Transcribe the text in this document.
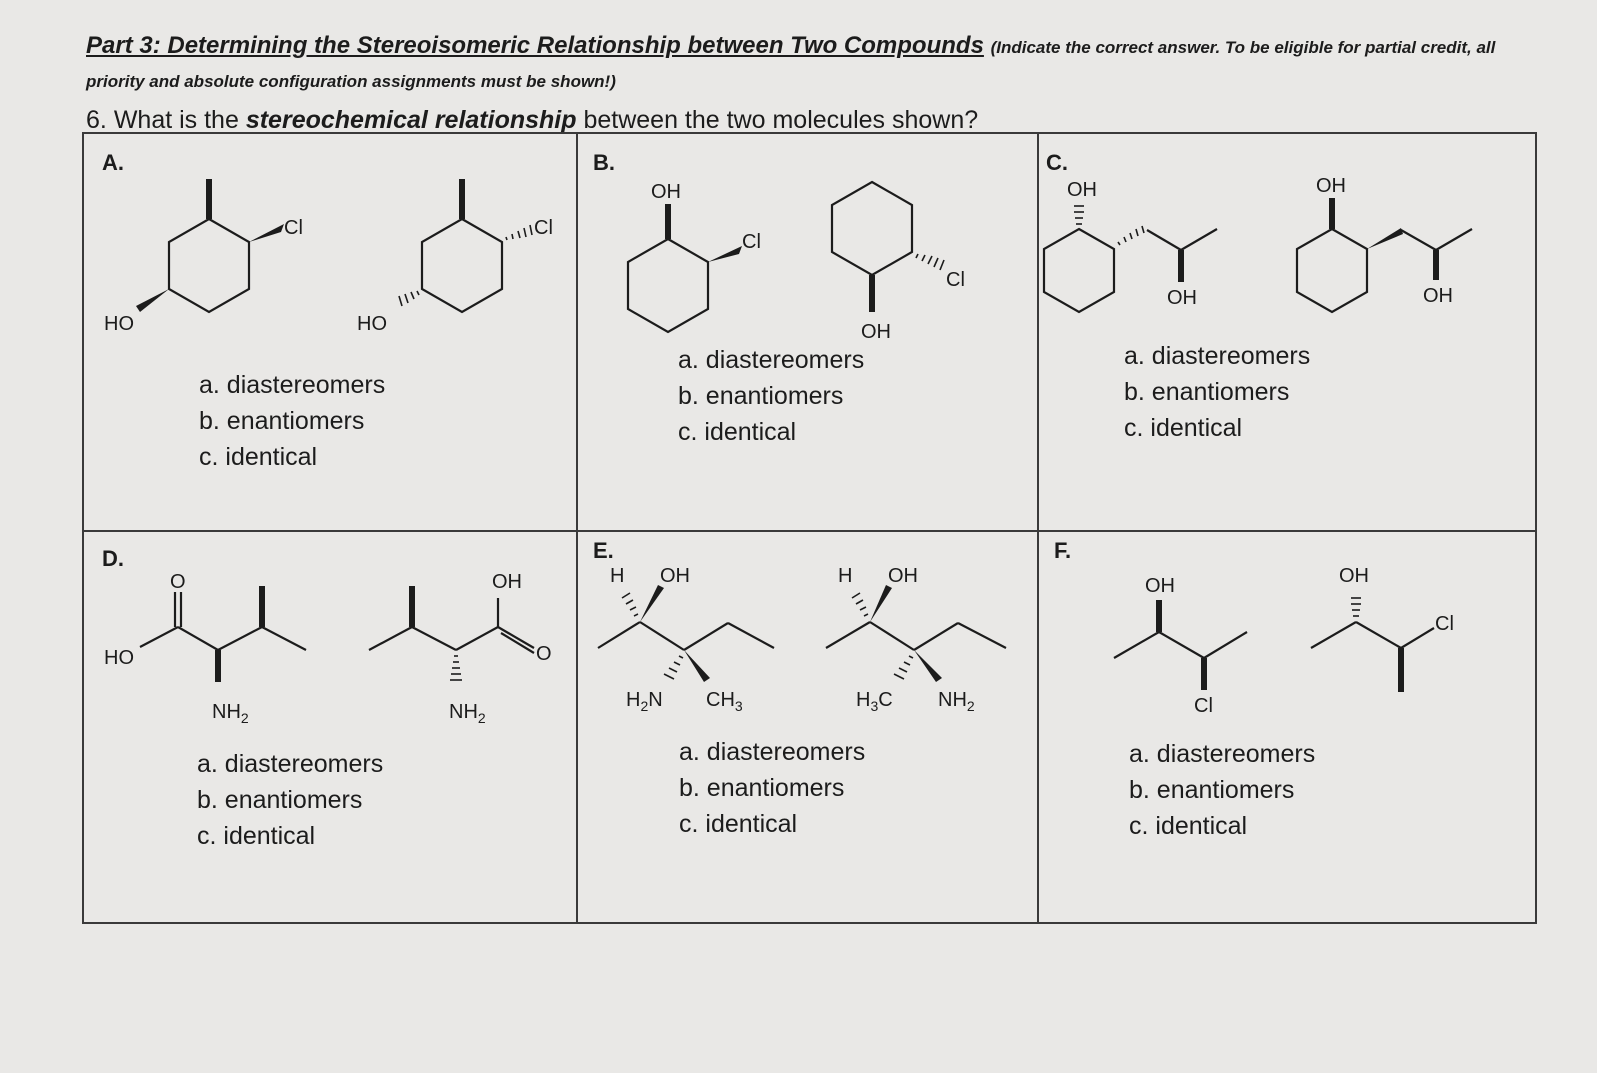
Part 3: Determining the Stereoisomeric Relationship between Two Compounds (Indicate the correct answer. To be eligible for partial credit, all priority and absolute configuration assignments must be shown!)
6. What is the stereochemical relationship between the two molecules shown?
A.
Cl
HO
Cl
HO
a. diastereomers
b. enantiomers
c. identical
B.
OH
Cl
OH
Cl
a. diastereomers
b. enantiomers
c. identical
C.
OH
OH
OH
OH
a. diastereomers
b. enantiomers
c. identical
D.
O
HO
$NH_2$
OH
O
$NH_2$
a. diastereomers
b. enantiomers
c. identical
E.
OH
H
$H_2N$ $CH_3$
OH
H
$H_3C$ $NH_2$
a. diastereomers
b. enantiomers
c. identical
F.
OH
Cl
OH
Cl
a. diastereomers
b. enantiomers
c. identical
